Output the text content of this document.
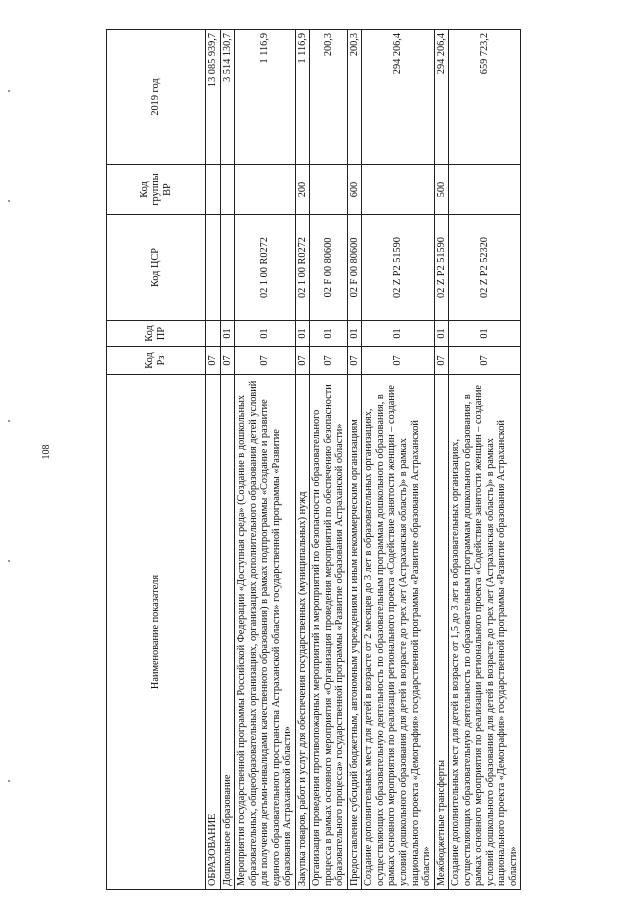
108
Наименование показателя	Код Рз	Код ПР	Код ЦСР	Код группы ВР	2019 год
ОБРАЗОВАНИЕ	07				13 085 939,7
Дошкольное образование	07	01			3 514 130,7
Мероприятия государственной программы Российской Федерации «Доступная среда» (Создание в дошкольных образовательных, общеобразовательных организациях, организациях дополнительного образования детей условий для получения детьми-инвалидами качественного образования) в рамках подпрограммы «Создание и развитие единого образовательного пространства Астраханской области» государственной программы «Развитие образования Астраханской области»	07	01	02 1 00 R0272		1 116,9
Закупка товаров, работ и услуг для обеспечения государственных (муниципальных) нужд	07	01	02 1 00 R0272	200	1 116,9
Организация проведения противопожарных мероприятий и мероприятий по безопасности образовательного процесса в рамках основного мероприятия «Организация проведения мероприятий по обеспечению безопасности образовательного процесса» государственной программы «Развитие образования Астраханской области»	07	01	02 F 00 80600		200,3
Предоставление субсидий бюджетным, автономным учреждениям и иным некоммерческим организациям	07	01	02 F 00 80600	600	200,3
Создание дополнительных мест для детей в возрасте от 2 месяцев до 3 лет в образовательных организациях, осуществляющих образовательную деятельность по образовательным программам дошкольного образования, в рамках основного мероприятия по реализации регионального проекта «Содействие занятости женщин – создание условий дошкольного образования для детей в возрасте до трех лет (Астраханская область)» в рамках национального проекта «Демография» государственной программы «Развитие образования Астраханской области»	07	01	02 Z P2 51590		294 206,4
Межбюджетные трансферты	07	01	02 Z P2 51590	500	294 206,4
Создание дополнительных мест для детей в возрасте от 1,5 до 3 лет в образовательных организациях, осуществляющих образовательную деятельность по образовательным программам дошкольного образования, в рамках основного мероприятия по реализации регионального проекта «Содействие занятости женщин – создание условий дошкольного образования для детей в возрасте до трех лет (Астраханская область)» в рамках национального проекта «Демография» государственной программы «Развитие образования Астраханской области»	07	01	02 Z P2 52320		659 723,2
